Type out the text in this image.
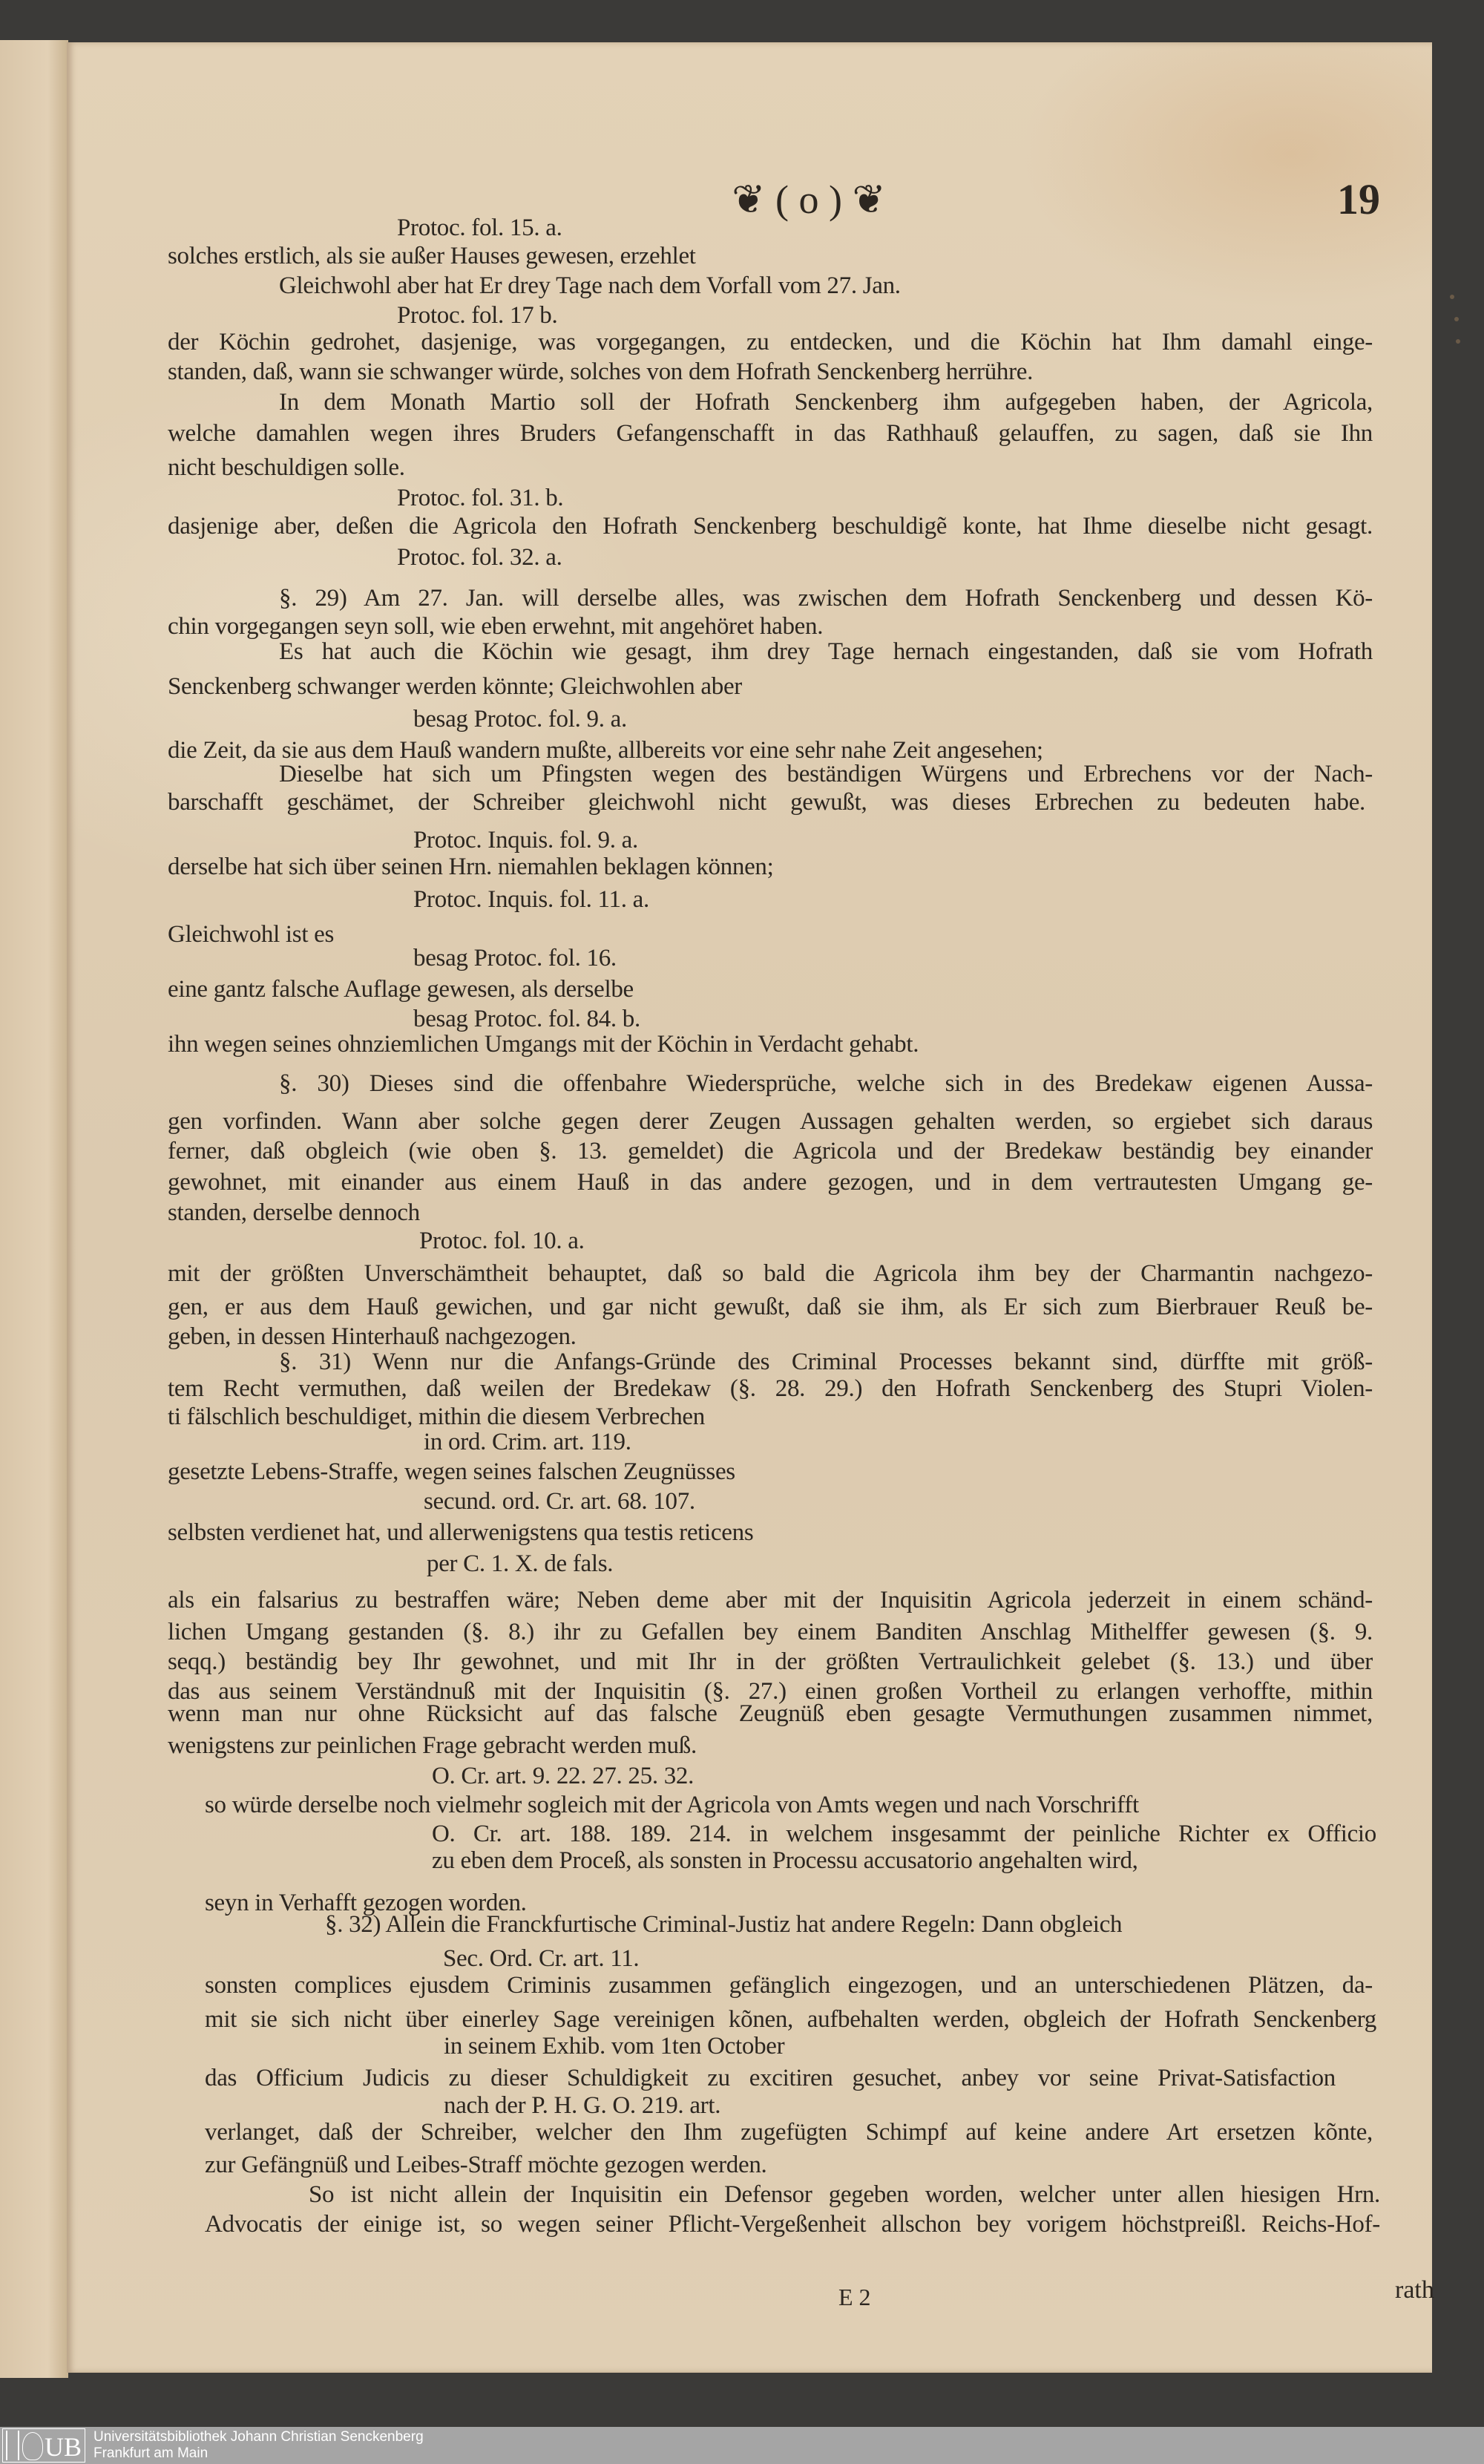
❦ ( o ) ❦	19
Protoc. fol. 15. a.
solches erstlich, als sie außer Hauses gewesen, erzehlet
Gleichwohl aber hat Er drey Tage nach dem Vorfall vom 27. Jan.
Protoc. fol. 17 b.
der Köchin gedrohet, dasjenige, was vorgegangen, zu entdecken, und die Köchin hat Ihm damahl einge-
standen, daß, wann sie schwanger würde, solches von dem Hofrath Senckenberg herrühre.
In dem Monath Martio soll der Hofrath Senckenberg ihm aufgegeben haben, der Agricola,
welche damahlen wegen ihres Bruders Gefangenschafft in das Rathhauß gelauffen, zu sagen, daß sie Ihn
nicht beschuldigen solle.
Protoc. fol. 31. b.
dasjenige aber, deßen die Agricola den Hofrath Senckenberg beschuldigẽ konte, hat Ihme dieselbe nicht gesagt.
Protoc. fol. 32. a.
§. 29) Am 27. Jan. will derselbe alles, was zwischen dem Hofrath Senckenberg und dessen Kö-
chin vorgegangen seyn soll, wie eben erwehnt, mit angehöret haben.
Es hat auch die Köchin wie gesagt, ihm drey Tage hernach eingestanden, daß sie vom Hofrath
Senckenberg schwanger werden könnte; Gleichwohlen aber
besag Protoc. fol. 9. a.
die Zeit, da sie aus dem Hauß wandern mußte, allbereits vor eine sehr nahe Zeit angesehen;
Dieselbe hat sich um Pfingsten wegen des beständigen Würgens und Erbrechens vor der Nach-
barschafft geschämet, der Schreiber gleichwohl nicht gewußt, was dieses Erbrechen zu bedeuten habe.
Protoc. Inquis. fol. 9. a.
derselbe hat sich über seinen Hrn. niemahlen beklagen können;
Protoc. Inquis. fol. 11. a.
Gleichwohl ist es
besag Protoc. fol. 16.
eine gantz falsche Auflage gewesen, als derselbe
besag Protoc. fol. 84. b.
ihn wegen seines ohnziemlichen Umgangs mit der Köchin in Verdacht gehabt.
§. 30) Dieses sind die offenbahre Wiedersprüche, welche sich in des Bredekaw eigenen Aussa-
gen vorfinden. Wann aber solche gegen derer Zeugen Aussagen gehalten werden, so ergiebet sich daraus
ferner, daß obgleich (wie oben §. 13. gemeldet) die Agricola und der Bredekaw beständig bey einander
gewohnet, mit einander aus einem Hauß in das andere gezogen, und in dem vertrautesten Umgang ge-
standen, derselbe dennoch
Protoc. fol. 10. a.
mit der größten Unverschämtheit behauptet, daß so bald die Agricola ihm bey der Charmantin nachgezo-
gen, er aus dem Hauß gewichen, und gar nicht gewußt, daß sie ihm, als Er sich zum Bierbrauer Reuß be-
geben, in dessen Hinterhauß nachgezogen.
§. 31) Wenn nur die Anfangs-Gründe des Criminal Processes bekannt sind, dürffte mit größ-
tem Recht vermuthen, daß weilen der Bredekaw (§. 28. 29.) den Hofrath Senckenberg des Stupri Violen-
ti fälschlich beschuldiget, mithin die diesem Verbrechen
in ord. Crim. art. 119.
gesetzte Lebens-Straffe, wegen seines falschen Zeugnüsses
secund. ord. Cr. art. 68. 107.
selbsten verdienet hat, und allerwenigstens qua testis reticens
per C. 1. X. de fals.
als ein falsarius zu bestraffen wäre; Neben deme aber mit der Inquisitin Agricola jederzeit in einem schänd-
lichen Umgang gestanden (§. 8.) ihr zu Gefallen bey einem Banditen Anschlag Mithelffer gewesen (§. 9.
seqq.) beständig bey Ihr gewohnet, und mit Ihr in der größten Vertraulichkeit gelebet (§. 13.) und über
das aus seinem Verständnuß mit der Inquisitin (§. 27.) einen großen Vortheil zu erlangen verhoffte, mithin
wenn man nur ohne Rücksicht auf das falsche Zeugnüß eben gesagte Vermuthungen zusammen nimmet,
wenigstens zur peinlichen Frage gebracht werden muß.
O. Cr. art. 9. 22. 27. 25. 32.
so würde derselbe noch vielmehr sogleich mit der Agricola von Amts wegen und nach Vorschrifft
O. Cr. art. 188. 189. 214. in welchem insgesammt der peinliche Richter ex Officio
zu eben dem Proceß, als sonsten in Processu accusatorio angehalten wird,
seyn in Verhafft gezogen worden.
§. 32) Allein die Franckfurtische Criminal-Justiz hat andere Regeln: Dann obgleich
Sec. Ord. Cr. art. 11.
sonsten complices ejusdem Criminis zusammen gefänglich eingezogen, und an unterschiedenen Plätzen, da-
mit sie sich nicht über einerley Sage vereinigen kõnen, aufbehalten werden, obgleich der Hofrath Senckenberg
in seinem Exhib. vom 1ten October
das Officium Judicis zu dieser Schuldigkeit zu excitiren gesuchet, anbey vor seine Privat-Satisfaction
nach der P. H. G. O. 219. art.
verlanget, daß der Schreiber, welcher den Ihm zugefügten Schimpf auf keine andere Art ersetzen kõnte,
zur Gefängnüß und Leibes-Straff möchte gezogen werden.
So ist nicht allein der Inquisitin ein Defensor gegeben worden, welcher unter allen hiesigen Hrn.
Advocatis der einige ist, so wegen seiner Pflicht-Vergeßenheit allschon bey vorigem höchstpreißl. Reichs-Hof-
rath
E 2
UB Universitätsbibliothek Johann Christian Senckenberg
Frankfurt am Main
